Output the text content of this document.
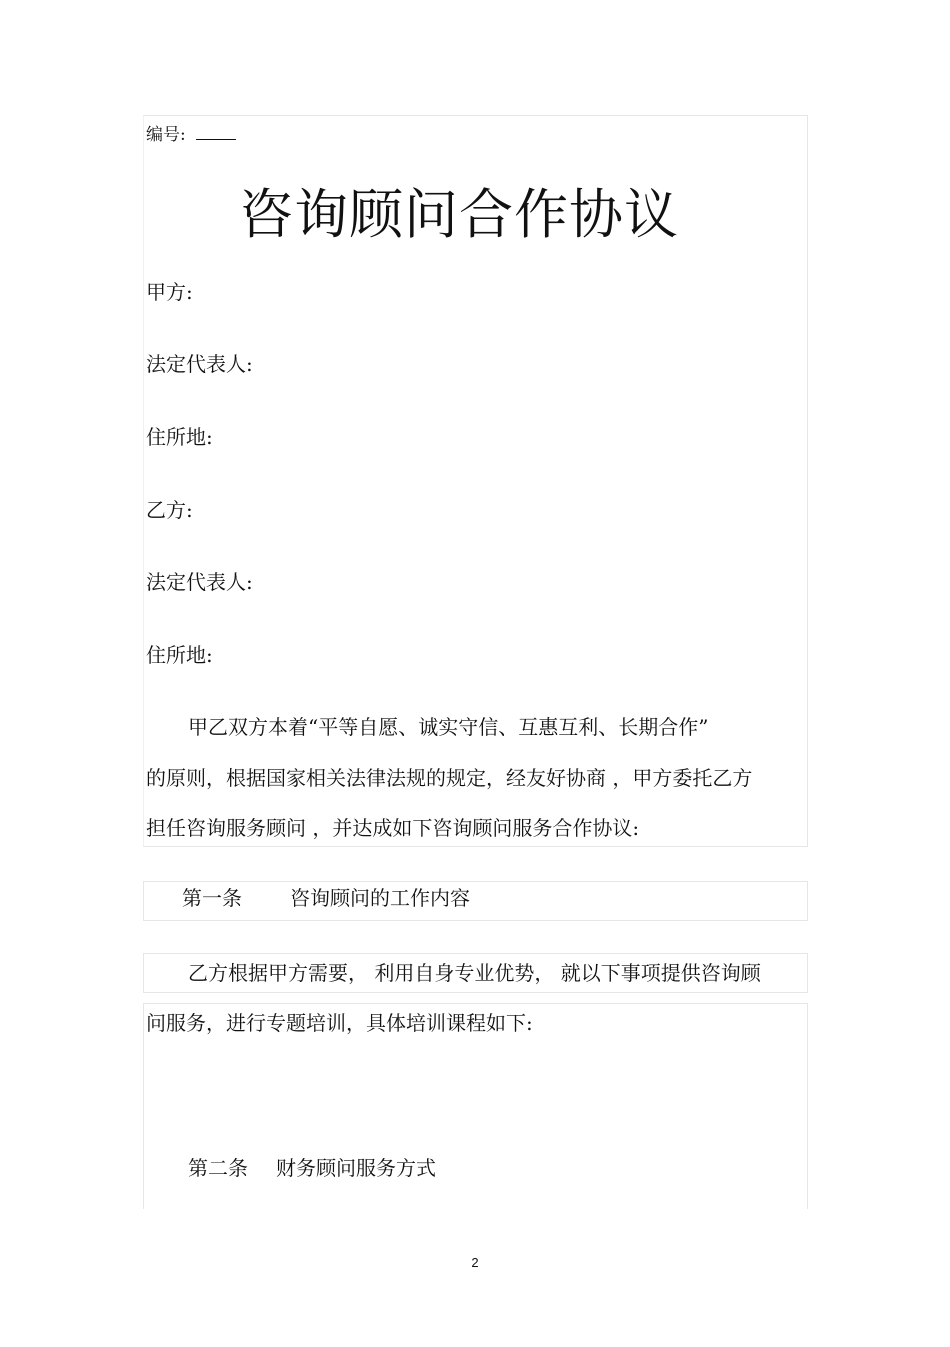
编号:
咨询顾问合作协议
甲方:
法定代表人:
住所地:
乙方:
法定代表人:
住所地:
甲乙双方本着“平等自愿、诚实守信、互惠互利、长期合作”
的原则，根据国家相关法律法规的规定，经友好协商 ，甲方委托乙方
担任咨询服务顾问 ，并达成如下咨询顾问服务合作协议:
第一条 咨询顾问的工作内容
乙方根据甲方需要， 利用自身专业优势， 就以下事项提供咨询顾
问服务，进行专题培训，具体培训课程如下:
第二条 财务顾问服务方式
2
